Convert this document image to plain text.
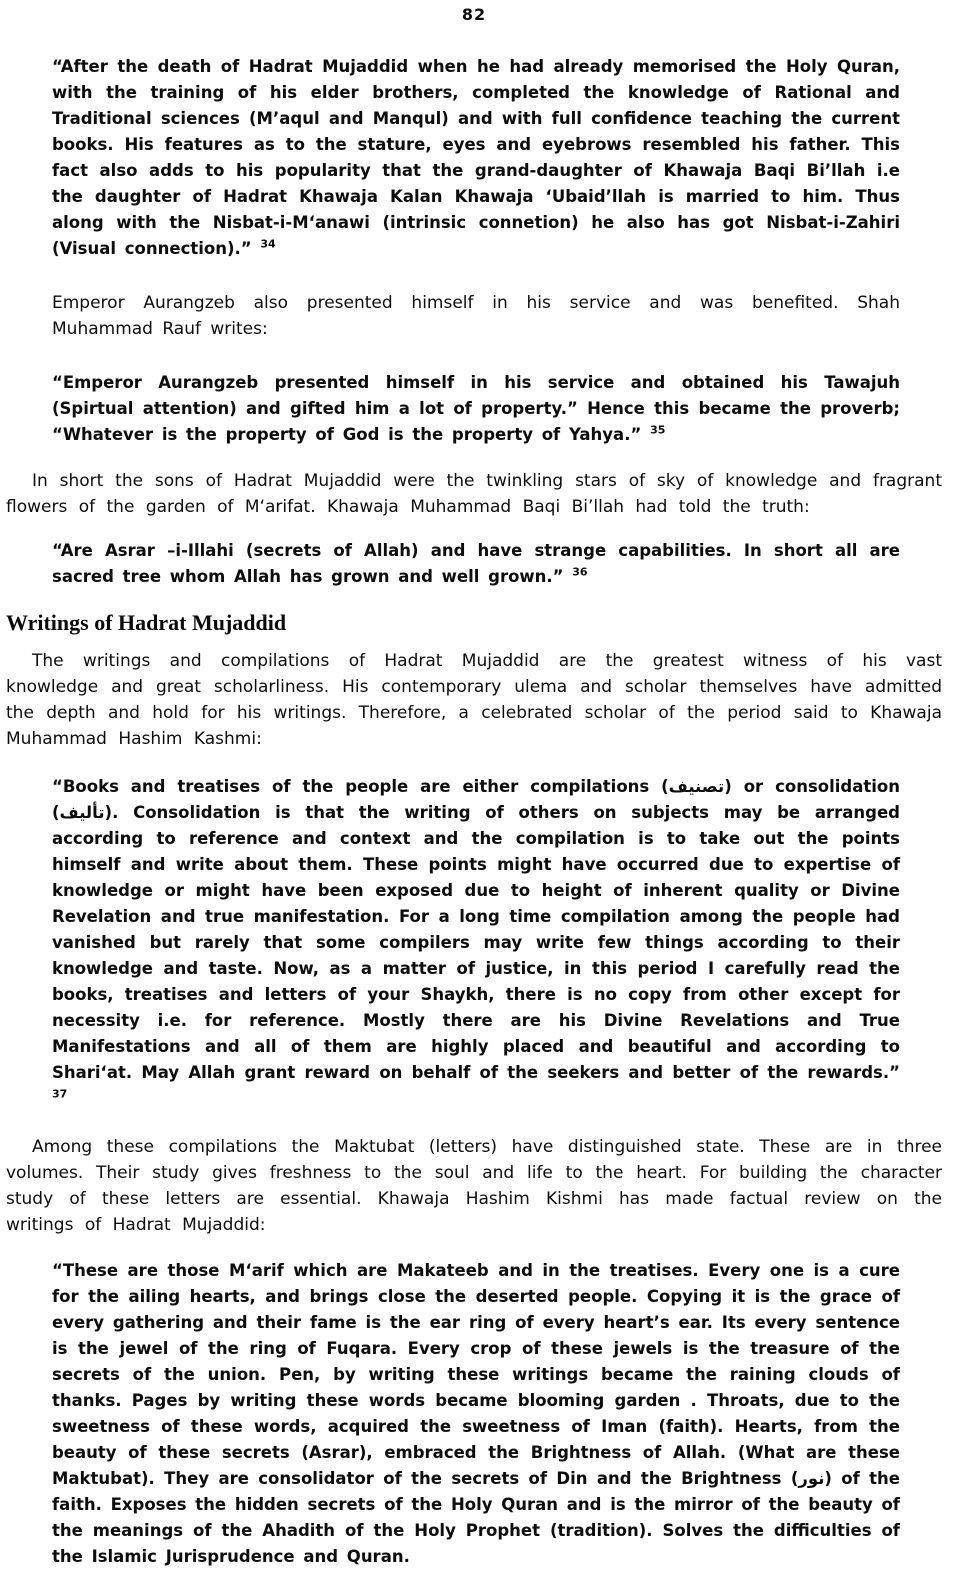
82

“After the death of Hadrat Mujaddid when he had already memorised the Holy Quran, with the training of his elder brothers, completed the knowledge of Rational and Traditional sciences (M’aqul and Manqul) and with full confidence teaching the current books. His features as to the stature, eyes and eyebrows resembled his father. This fact also adds to his popularity that the grand-daughter of Khawaja Baqi Bi’llah i.e the daughter of Hadrat Khawaja Kalan Khawaja ‘Ubaid’llah is married to him. Thus along with the Nisbat-i-M‘anawi (intrinsic connetion) he also has got Nisbat-i-Zahiri (Visual connection).” $^{34}$

Emperor Aurangzeb also presented himself in his service and was benefited. Shah Muhammad Rauf writes:

“Emperor Aurangzeb presented himself in his service and obtained his Tawajuh (Spirtual attention) and gifted him a lot of property.” Hence this became the proverb; “Whatever is the property of God is the property of Yahya.” $^{35}$

In short the sons of Hadrat Mujaddid were the twinkling stars of sky of knowledge and fragrant flowers of the garden of M‘arifat. Khawaja Muhammad Baqi Bi’llah had told the truth:

“Are Asrar –i-Illahi (secrets of Allah) and have strange capabilities. In short all are sacred tree whom Allah has grown and well grown.” $^{36}$

Writings of Hadrat Mujaddid

The writings and compilations of Hadrat Mujaddid are the greatest witness of his vast knowledge and great scholarliness. His contemporary ulema and scholar themselves have admitted the depth and hold for his writings. Therefore, a celebrated scholar of the period said to Khawaja Muhammad Hashim Kashmi:

“Books and treatises of the people are either compilations (تصنيف) or consolidation (تأليف). Consolidation is that the writing of others on subjects may be arranged according to reference and context and the compilation is to take out the points himself and write about them. These points might have occurred due to expertise of knowledge or might have been exposed due to height of inherent quality or Divine Revelation and true manifestation. For a long time compilation among the people had vanished but rarely that some compilers may write few things according to their knowledge and taste. Now, as a matter of justice, in this period I carefully read the books, treatises and letters of your Shaykh, there is no copy from other except for necessity i.e. for reference. Mostly there are his Divine Revelations and True Manifestations and all of them are highly placed and beautiful and according to Shari‘at. May Allah grant reward on behalf of the seekers and better of the rewards.” $^{37}$

Among these compilations the Maktubat (letters) have distinguished state. These are in three volumes. Their study gives freshness to the soul and life to the heart. For building the character study of these letters are essential. Khawaja Hashim Kishmi has made factual review on the writings of Hadrat Mujaddid:

“These are those M‘arif which are Makateeb and in the treatises. Every one is a cure for the ailing hearts, and brings close the deserted people. Copying it is the grace of every gathering and their fame is the ear ring of every heart’s ear. Its every sentence is the jewel of the ring of Fuqara. Every crop of these jewels is the treasure of the secrets of the union. Pen, by writing these writings became the raining clouds of thanks. Pages by writing these words became blooming garden . Throats, due to the sweetness of these words, acquired the sweetness of Iman (faith). Hearts, from the beauty of these secrets (Asrar), embraced the Brightness of Allah. (What are these Maktubat). They are consolidator of the secrets of Din and the Brightness (نور) of the faith. Exposes the hidden secrets of the Holy Quran and is the mirror of the beauty of the meanings of the Ahadith of the Holy Prophet (tradition). Solves the difficulties of the Islamic Jurisprudence and Quran.
